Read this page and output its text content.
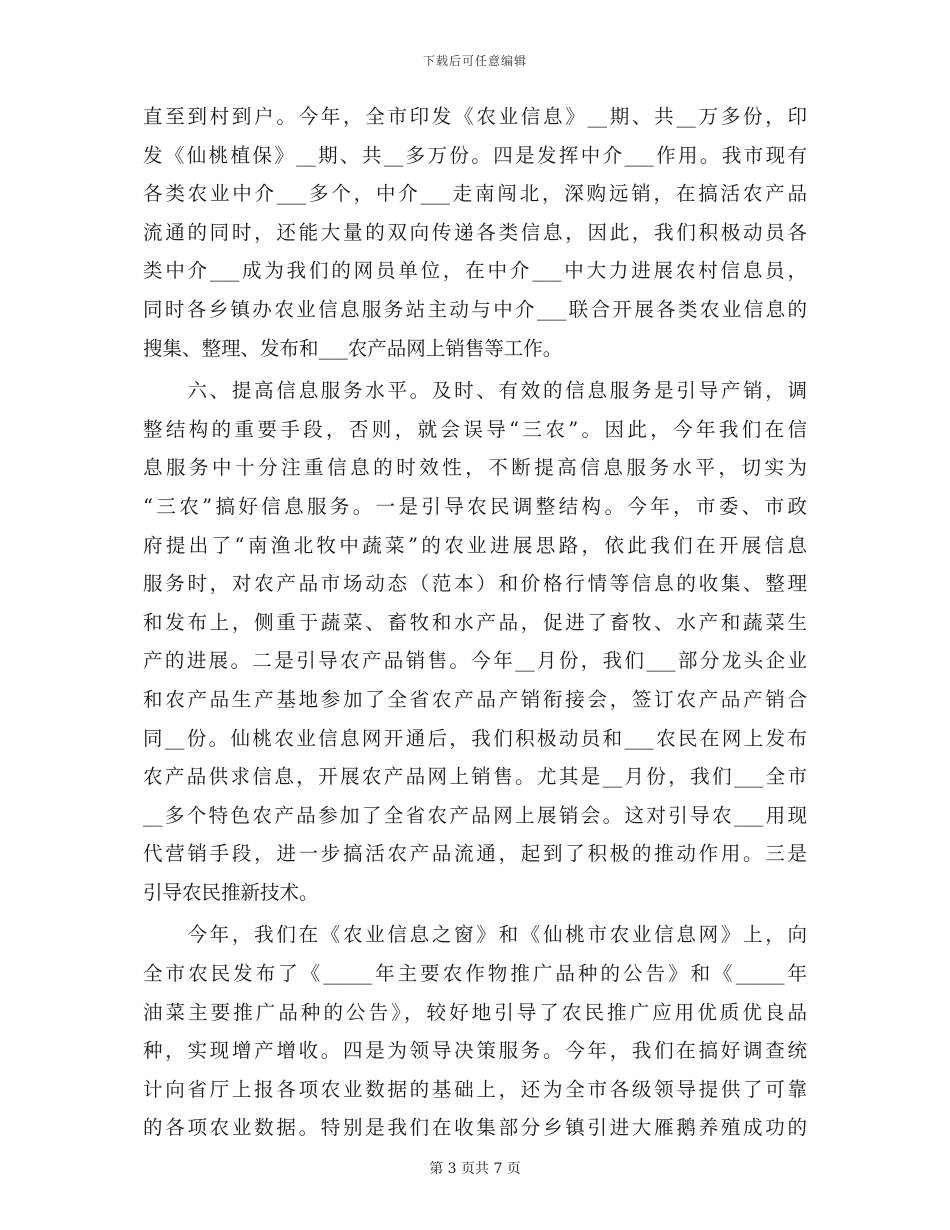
下载后可任意编辑
直至到村到户。今年，全市印发《农业信息》__期、共__万多份，印
发《仙桃植保》__期、共__多万份。四是发挥中介___作用。我市现有
各类农业中介___多个，中介___走南闯北，深购远销，在搞活农产品
流通的同时，还能大量的双向传递各类信息，因此，我们积极动员各
类中介___成为我们的网员单位，在中介___中大力进展农村信息员，
同时各乡镇办农业信息服务站主动与中介___联合开展各类农业信息的
搜集、整理、发布和___农产品网上销售等工作。
　　六、提高信息服务水平。及时、有效的信息服务是引导产销，调
整结构的重要手段，否则，就会误导“三农”。因此，今年我们在信
息服务中十分注重信息的时效性，不断提高信息服务水平，切实为
“三农”搞好信息服务。一是引导农民调整结构。今年，市委、市政
府提出了“南渔北牧中蔬菜”的农业进展思路，依此我们在开展信息
服务时，对农产品市场动态（范本）和价格行情等信息的收集、整理
和发布上，侧重于蔬菜、畜牧和水产品，促进了畜牧、水产和蔬菜生
产的进展。二是引导农产品销售。今年__月份，我们___部分龙头企业
和农产品生产基地参加了全省农产品产销衔接会，签订农产品产销合
同__份。仙桃农业信息网开通后，我们积极动员和___农民在网上发布
农产品供求信息，开展农产品网上销售。尤其是__月份，我们___全市
__多个特色农产品参加了全省农产品网上展销会。这对引导农___用现
代营销手段，进一步搞活农产品流通，起到了积极的推动作用。三是
引导农民推新技术。
　　今年，我们在《农业信息之窗》和《仙桃市农业信息网》上，向
全市农民发布了《_____年主要农作物推广品种的公告》和《_____年
油菜主要推广品种的公告》，较好地引导了农民推广应用优质优良品
种，实现增产增收。四是为领导决策服务。今年，我们在搞好调查统
计向省厅上报各项农业数据的基础上，还为全市各级领导提供了可靠
的各项农业数据。特别是我们在收集部分乡镇引进大雁鹅养殖成功的
第 3 页共 7 页
